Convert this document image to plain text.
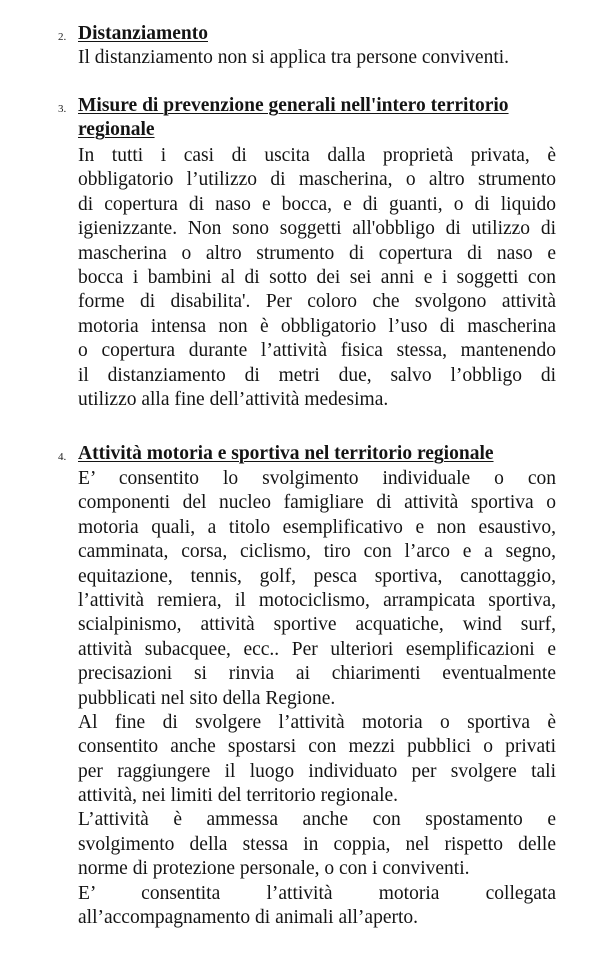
2. Distanziamento
Il distanziamento non si applica tra persone conviventi.
3. Misure di prevenzione generali nell'intero territorio
regionale
In tutti i casi di uscita dalla proprietà privata, è
obbligatorio l’utilizzo di mascherina, o altro strumento
di copertura di naso e bocca, e di guanti, o di liquido
igienizzante. Non sono soggetti all'obbligo di utilizzo di
mascherina o altro strumento di copertura di naso e
bocca i bambini al di sotto dei sei anni e i soggetti con
forme di disabilita'. Per coloro che svolgono attività
motoria intensa non è obbligatorio l’uso di mascherina
o copertura durante l’attività fisica stessa, mantenendo
il distanziamento di metri due, salvo l’obbligo di
utilizzo alla fine dell’attività medesima.
4. Attività motoria e sportiva nel territorio regionale
E’ consentito lo svolgimento individuale o con
componenti del nucleo famigliare di attività sportiva o
motoria quali, a titolo esemplificativo e non esaustivo,
camminata, corsa, ciclismo, tiro con l’arco e a segno,
equitazione, tennis, golf, pesca sportiva, canottaggio,
l’attività remiera, il motociclismo, arrampicata sportiva,
scialpinismo, attività sportive acquatiche, wind surf,
attività subacquee, ecc.. Per ulteriori esemplificazioni e
precisazioni si rinvia ai chiarimenti eventualmente
pubblicati nel sito della Regione.
Al fine di svolgere l’attività motoria o sportiva è
consentito anche spostarsi con mezzi pubblici o privati
per raggiungere il luogo individuato per svolgere tali
attività, nei limiti del territorio regionale.
L’attività è ammessa anche con spostamento e
svolgimento della stessa in coppia, nel rispetto delle
norme di protezione personale, o con i conviventi.
E’ consentita l’attività motoria collegata
all’accompagnamento di animali all’aperto.
